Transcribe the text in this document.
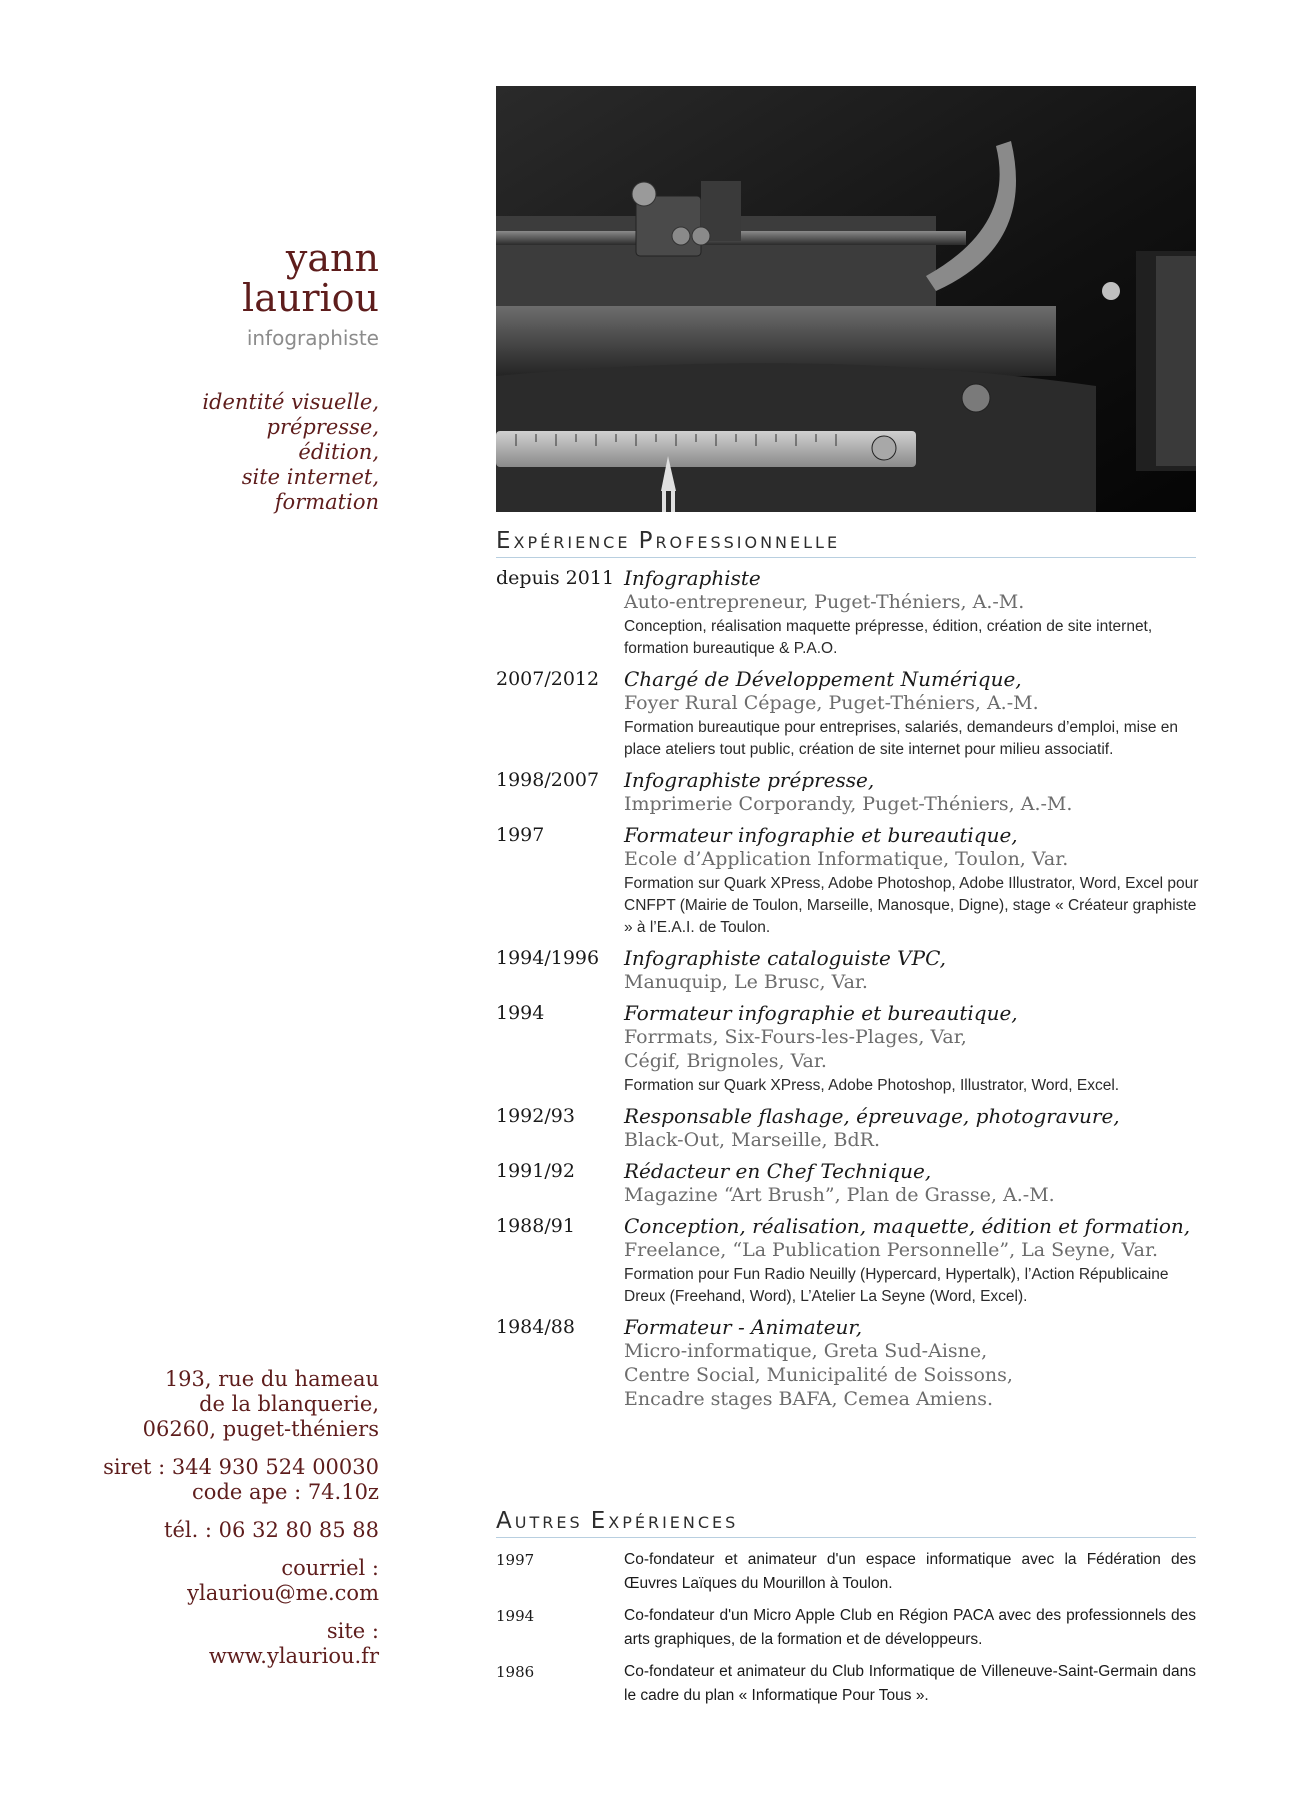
yann
lauriou
infographiste
identité visuelle,
prépresse,
édition,
site internet,
formation
193, rue du hameau
de la blanquerie,
06260, puget-théniers
siret : 344 930 524 00030
code ape : 74.10z
tél. : 06 32 80 85 88
courriel :
ylauriou@me.com
site :
www.ylauriou.fr
EXPÉRIENCE PROFESSIONNELLE
depuis 2011 Infographiste
Auto-entrepreneur, Puget-Théniers, A.-M.
Conception, réalisation maquette prépresse, édition, création de site internet, formation bureautique & P.A.O.
2007/2012	Chargé de Développement Numérique,
Foyer Rural Cépage, Puget-Théniers, A.-M.
Formation bureautique pour entreprises, salariés, demandeurs d’emploi, mise en place ateliers tout public, création de site internet pour milieu associatif.
1998/2007	Infographiste prépresse,
Imprimerie Corporandy, Puget-Théniers, A.-M.
1997	Formateur infographie et bureautique,
Ecole d’Application Informatique, Toulon, Var.
Formation sur Quark XPress, Adobe Photoshop, Adobe Illustrator, Word, Excel pour CNFPT (Mairie de Toulon, Marseille, Manosque, Digne), stage « Créateur graphiste » à l’E.A.I. de Toulon.
1994/1996	Infographiste cataloguiste VPC,
Manuquip, Le Brusc, Var.
1994	Formateur infographie et bureautique,
Forrmats, Six-Fours-les-Plages, Var,
Cégif, Brignoles, Var.
Formation sur Quark XPress, Adobe Photoshop, Illustrator, Word, Excel.
1992/93	Responsable flashage, épreuvage, photogravure,
Black-Out, Marseille, BdR.
1991/92	Rédacteur en Chef Technique,
Magazine “Art Brush”, Plan de Grasse, A.-M.
1988/91	Conception, réalisation, maquette, édition et formation,
Freelance, “La Publication Personnelle”, La Seyne, Var.
Formation pour Fun Radio Neuilly (Hypercard, Hypertalk), l’Action Républicaine Dreux (Freehand, Word), L’Atelier La Seyne (Word, Excel).
1984/88	Formateur - Animateur,
Micro-informatique, Greta Sud-Aisne,
Centre Social, Municipalité de Soissons,
Encadre stages BAFA, Cemea Amiens.
AUTRES EXPÉRIENCES
1997	Co-fondateur et animateur d'un espace informatique avec la Fédération des Œuvres Laïques du Mourillon à Toulon.
1994	Co-fondateur d'un Micro Apple Club en Région PACA avec des professionnels des arts graphiques, de la formation et de développeurs.
1986	Co-fondateur et animateur du Club Informatique de Villeneuve-Saint-Germain dans le cadre du plan « Informatique Pour Tous ».
